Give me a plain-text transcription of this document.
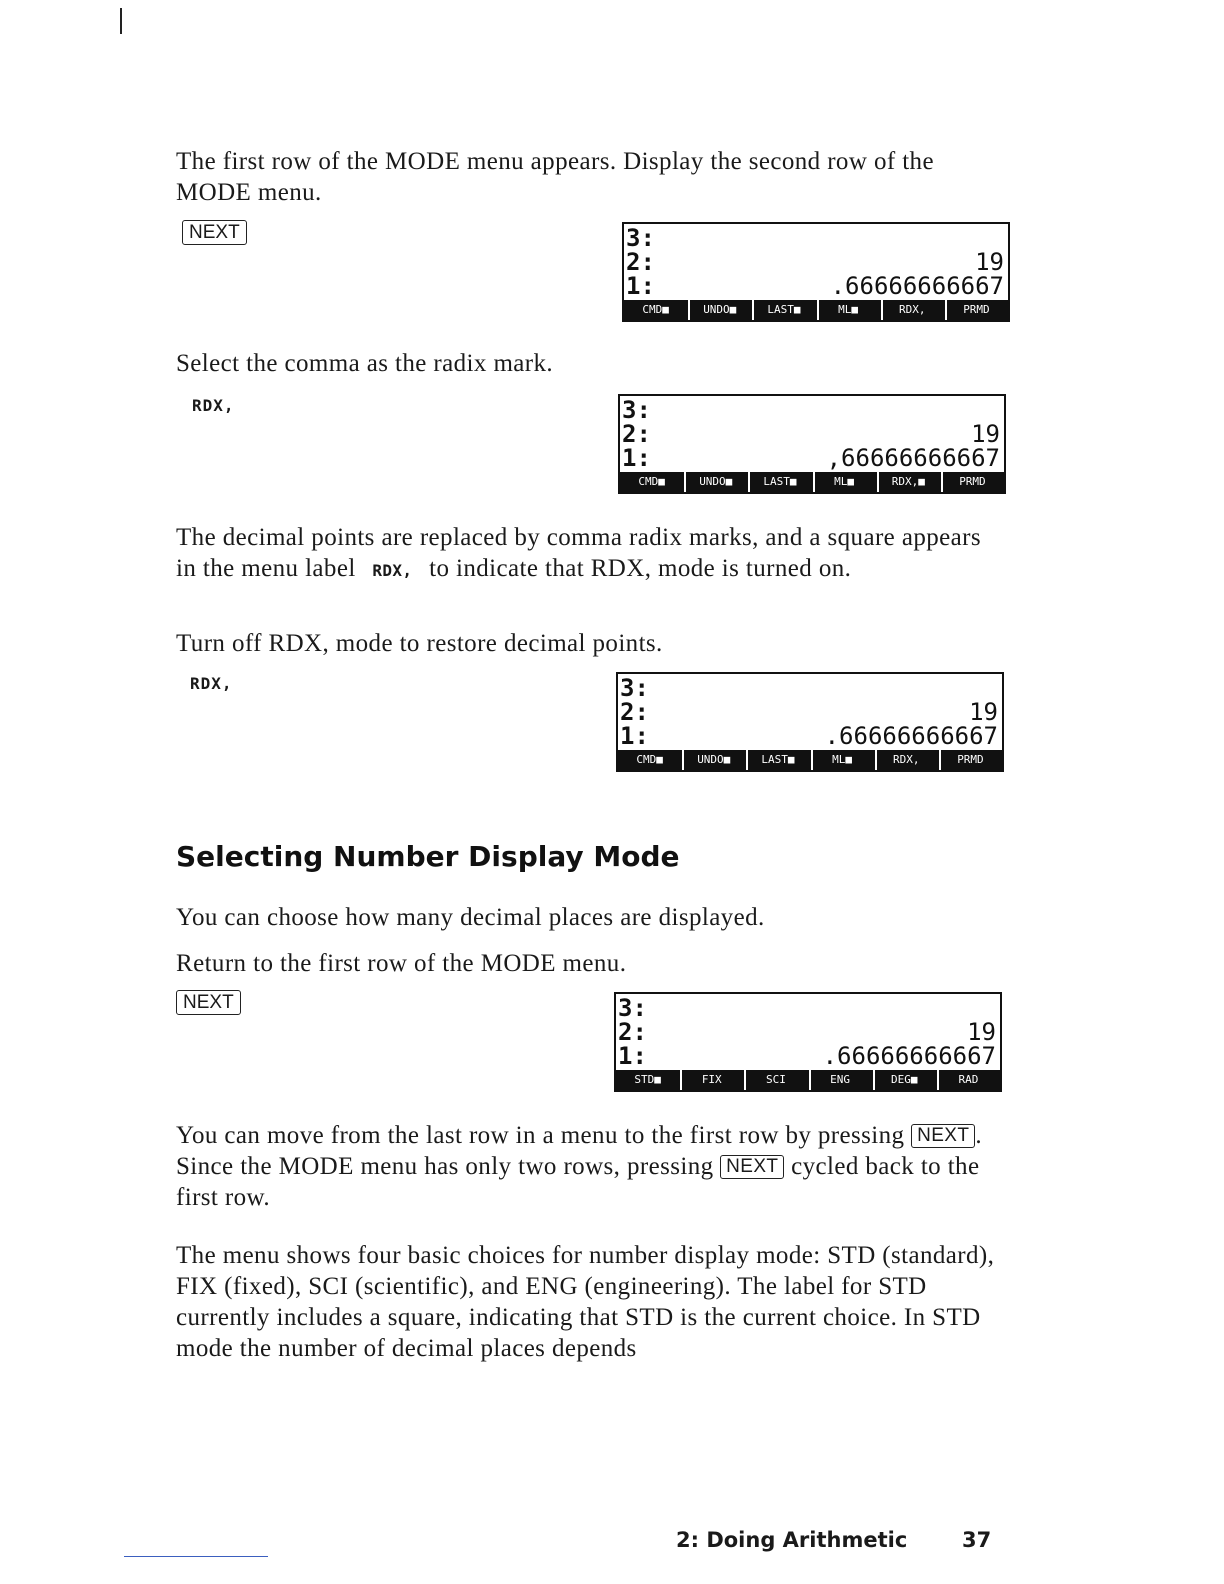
The first row of the MODE menu appears. Display the second row of the MODE menu.
NEXT	3:
2:	19
1:	.66666666667
CMD■	UNDO■	LAST■	ML■	RDX,	PRMD
Select the comma as the radix mark.
RDX,	3:
2:	19
1:	,66666666667
CMD■	UNDO■	LAST■	ML■	RDX,■	PRMD
The decimal points are replaced by comma radix marks, and a square appears in the menu label RDX, to indicate that RDX, mode is turned on.
Turn off RDX, mode to restore decimal points.
RDX,	3:
2:	19
1:	.66666666667
CMD■	UNDO■	LAST■	ML■	RDX,	PRMD
Selecting Number Display Mode
You can choose how many decimal places are displayed.
Return to the first row of the MODE menu.
NEXT	3:
2:	19
1:	.66666666667
STD■	FIX	SCI	ENG	DEG■	RAD
You can move from the last row in a menu to the first row by pressing NEXT . Since the MODE menu has only two rows, pressing NEXT cycled back to the first row.
The menu shows four basic choices for number display mode: STD (standard), FIX (fixed), SCI (scientific), and ENG (engineering). The label for STD currently includes a square, indicating that STD is the current choice. In STD mode the number of decimal places depends
2: Doing Arithmetic	37
